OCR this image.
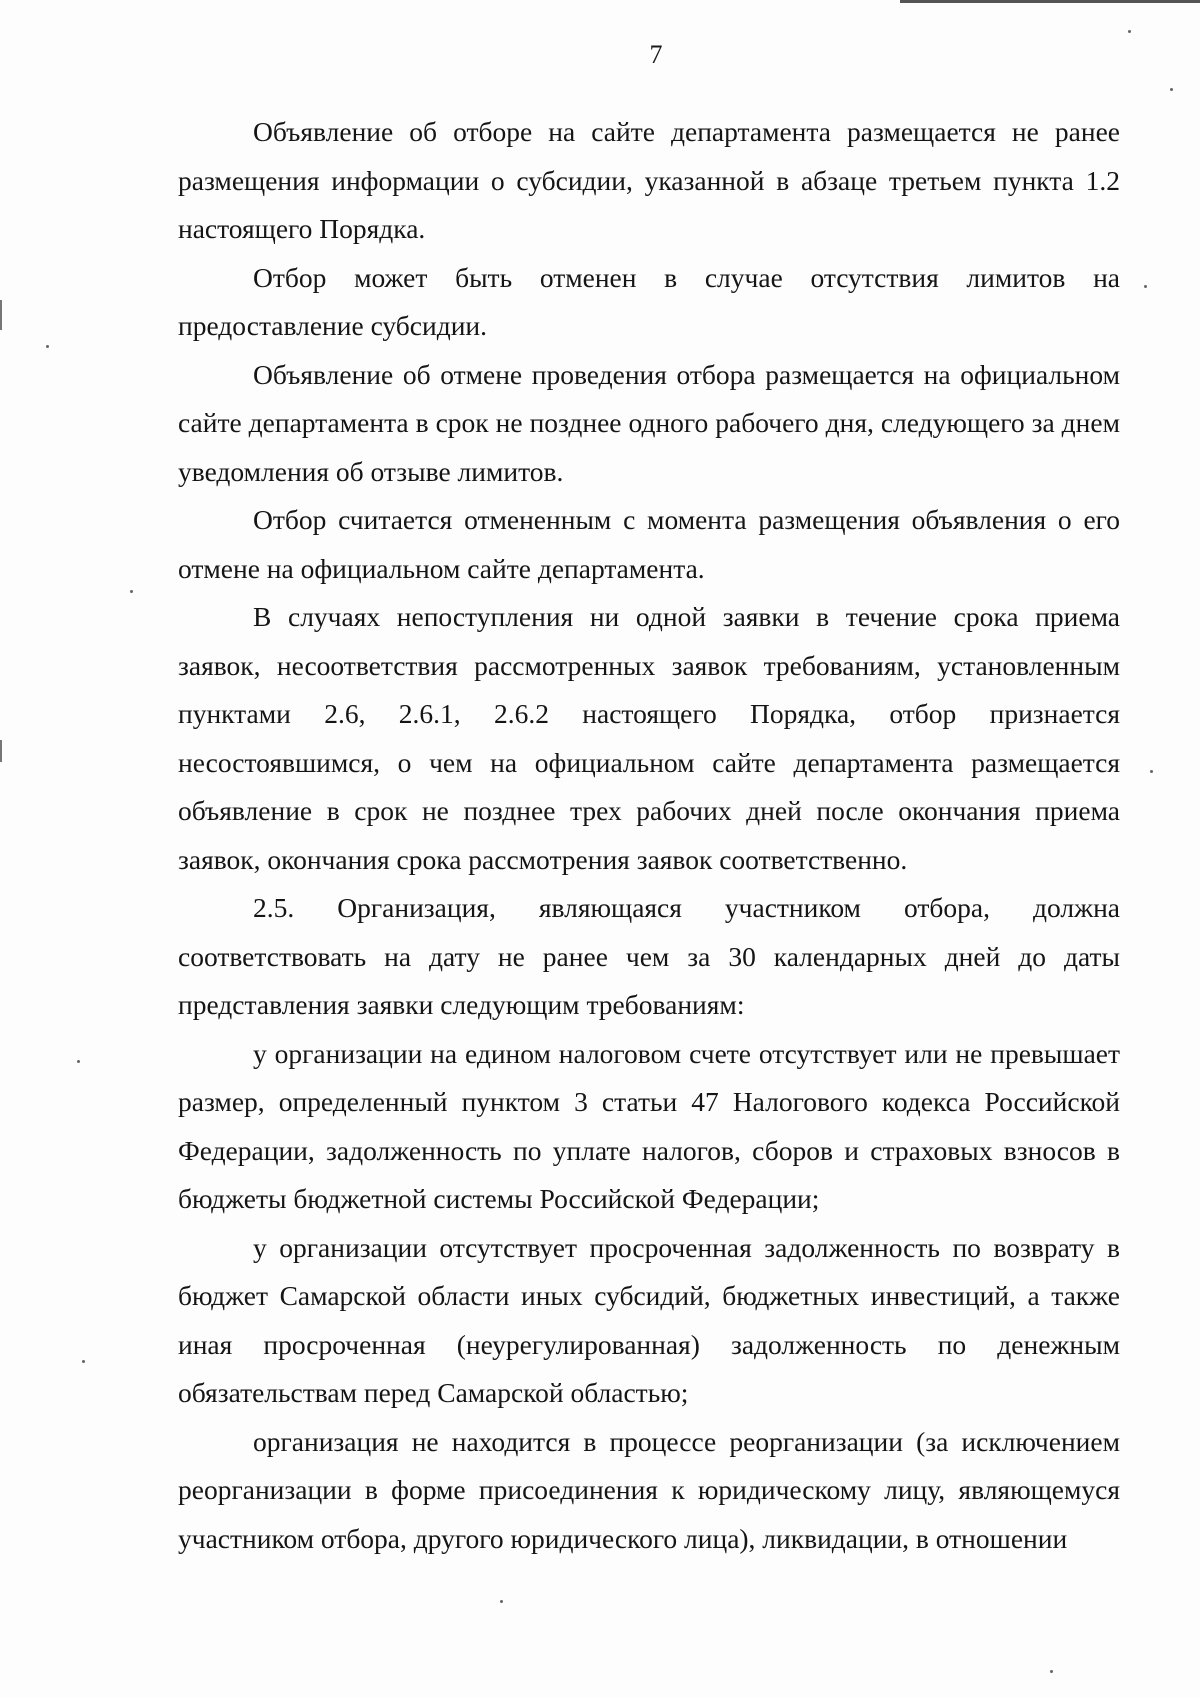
7

Объявление об отборе на сайте департамента размещается не ранее размещения информации о субсидии, указанной в абзаце третьем пункта 1.2 настоящего Порядка.

Отбор может быть отменен в случае отсутствия лимитов на предоставление субсидии.

Объявление об отмене проведения отбора размещается на официальном сайте департамента в срок не позднее одного рабочего дня, следующего за днем уведомления об отзыве лимитов.

Отбор считается отмененным с момента размещения объявления о его отмене на официальном сайте департамента.

В случаях непоступления ни одной заявки в течение срока приема заявок, несоответствия рассмотренных заявок требованиям, установленным пунктами 2.6, 2.6.1, 2.6.2 настоящего Порядка, отбор признается несостоявшимся, о чем на официальном сайте департамента размещается объявление в срок не позднее трех рабочих дней после окончания приема заявок, окончания срока рассмотрения заявок соответственно.

2.5. Организация, являющаяся участником отбора, должна соответствовать на дату не ранее чем за 30 календарных дней до даты представления заявки следующим требованиям:

у организации на едином налоговом счете отсутствует или не превышает размер, определенный пунктом 3 статьи 47 Налогового кодекса Российской Федерации, задолженность по уплате налогов, сборов и страховых взносов в бюджеты бюджетной системы Российской Федерации;

у организации отсутствует просроченная задолженность по возврату в бюджет Самарской области иных субсидий, бюджетных инвестиций, а также иная просроченная (неурегулированная) задолженность по денежным обязательствам перед Самарской областью;

организация не находится в процессе реорганизации (за исключением реорганизации в форме присоединения к юридическому лицу, являющемуся участником отбора, другого юридического лица), ликвидации, в отношении
